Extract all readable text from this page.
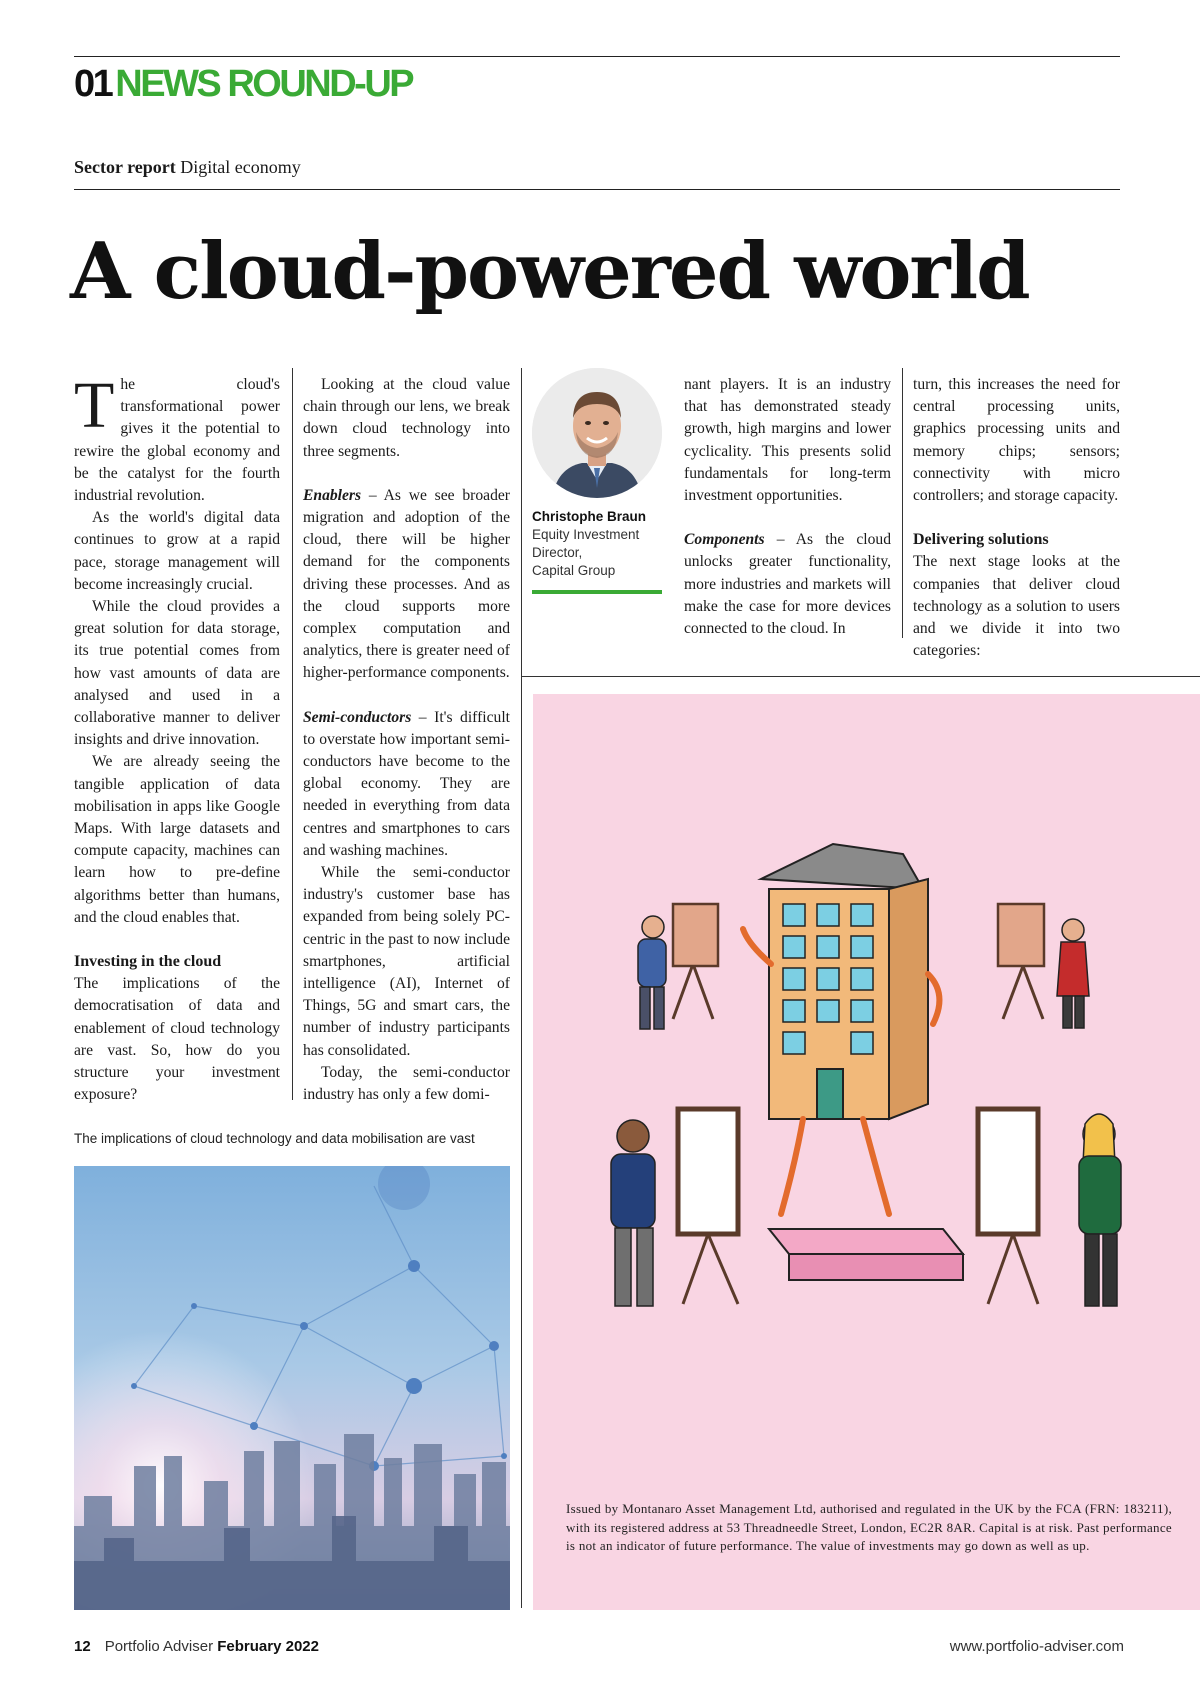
01 NEWS ROUND-UP
Sector report Digital economy
A cloud-powered world

The cloud's transformational power gives it the potential to rewire the global economy and be the catalyst for the fourth industrial revolution.

As the world's digital data continues to grow at a rapid pace, storage management will become increasingly crucial.

While the cloud provides a great solution for data storage, its true potential comes from how vast amounts of data are analysed and used in a collaborative manner to deliver insights and drive innovation.

We are already seeing the tangible application of data mobilisation in apps like Google Maps. With large datasets and compute capacity, machines can learn how to pre-define algorithms better than humans, and the cloud enables that.

Investing in the cloud

The implications of the democratisation of data and enablement of cloud technology are vast. So, how do you structure your investment exposure?

Looking at the cloud value chain through our lens, we break down cloud technology into three segments.

Enablers – As we see broader migration and adoption of the cloud, there will be higher demand for the components driving these processes. And as the cloud supports more complex computation and analytics, there is greater need of higher-performance components.

Semi-conductors – It's difficult to overstate how important semi-conductors have become to the global economy. They are needed in everything from data centres and smartphones to cars and washing machines.

While the semi-conductor industry's customer base has expanded from being solely PC-centric in the past to now include smartphones, artificial intelligence (AI), Internet of Things, 5G and smart cars, the number of industry participants has consolidated.

Today, the semi-conductor industry has only a few domi-

Christophe Braun
Equity Investment
Director,
Capital Group

nant players. It is an industry that has demonstrated steady growth, high margins and lower cyclicality. This presents solid fundamentals for long-term investment opportunities.

Components – As the cloud unlocks greater functionality, more industries and markets will make the case for more devices connected to the cloud. In

turn, this increases the need for central processing units, graphics processing units and memory chips; sensors; connectivity with micro controllers; and storage capacity.

Delivering solutions

The next stage looks at the companies that deliver cloud technology as a solution to users and we divide it into two categories:

The implications of cloud technology and data mobilisation are vast
Issued by Montanaro Asset Management Ltd, authorised and regulated in the UK by the FCA (FRN: 183211), with its registered address at 53 Threadneedle Street, London, EC2R 8AR. Capital is at risk. Past performance is not an indicator of future performance. The value of investments may go down as well as up.
12 Portfolio Adviser February 2022	www.portfolio-adviser.com
